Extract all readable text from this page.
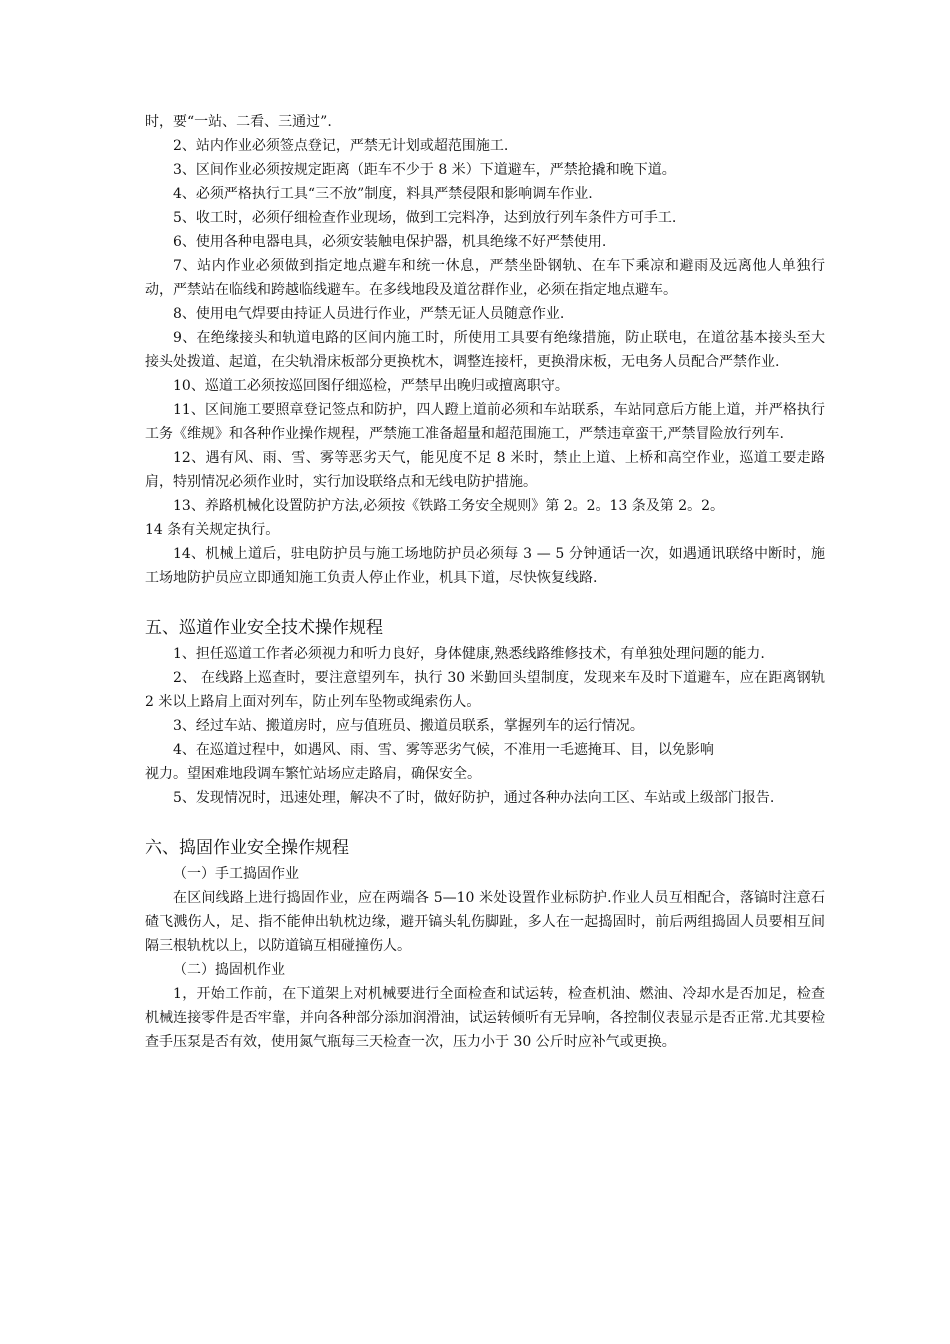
时，要“一站、二看、三通过”.

2、站内作业必须签点登记，严禁无计划或超范围施工.

3、区间作业必须按规定距离（距车不少于 8 米）下道避车，严禁抢撬和晚下道。

4、必须严格执行工具“三不放”制度，料具严禁侵限和影响调车作业.

5、收工时，必须仔细检查作业现场，做到工完料净，达到放行列车条件方可手工.

6、使用各种电器电具，必须安装触电保护器，机具绝缘不好严禁使用.

7、站内作业必须做到指定地点避车和统一休息，严禁坐卧钢轨、在车下乘凉和避雨及远离他人单独行动，严禁站在临线和跨越临线避车。在多线地段及道岔群作业，必须在指定地点避车。

8、使用电气焊要由持证人员进行作业，严禁无证人员随意作业.

9、在绝缘接头和轨道电路的区间内施工时，所使用工具要有绝缘措施，防止联电，在道岔基本接头至大接头处拨道、起道，在尖轨滑床板部分更换枕木，调整连接杆，更换滑床板，无电务人员配合严禁作业.

10、巡道工必须按巡回图仔细巡检，严禁早出晚归或擅离职守。

11、区间施工要照章登记签点和防护，四人蹬上道前必须和车站联系，车站同意后方能上道，并严格执行工务《维规》和各种作业操作规程，严禁施工准备超量和超范围施工，严禁违章蛮干,严禁冒险放行列车.

12、遇有风、雨、雪、雾等恶劣天气，能见度不足 8 米时，禁止上道、上桥和高空作业，巡道工要走路肩，特别情况必须作业时，实行加设联络点和无线电防护措施。

13、养路机械化设置防护方法,必须按《铁路工务安全规则》第 2。2。13 条及第 2。2。

14 条有关规定执行。

14、机械上道后，驻电防护员与施工场地防护员必须每 3 — 5 分钟通话一次，如遇通讯联络中断时，施工场地防护员应立即通知施工负责人停止作业，机具下道，尽快恢复线路.

五、巡道作业安全技术操作规程

1、担任巡道工作者必须视力和听力良好，身体健康,熟悉线路维修技术，有单独处理问题的能力.

2、 在线路上巡查时，要注意望列车，执行 30 米勤回头望制度，发现来车及时下道避车，应在距离钢轨 2 米以上路肩上面对列车，防止列车坠物或绳索伤人。

3、经过车站、搬道房时，应与值班员、搬道员联系，掌握列车的运行情况。

4、在巡道过程中，如遇风、雨、雪、雾等恶劣气候，不准用一毛遮掩耳、目，以免影响

视力。望困难地段调车繁忙站场应走路肩，确保安全。

5、发现情况时，迅速处理，解决不了时，做好防护，通过各种办法向工区、车站或上级部门报告.

六、捣固作业安全操作规程

（一）手工捣固作业

在区间线路上进行捣固作业，应在两端各 5—10 米处设置作业标防护.作业人员互相配合，落镐时注意石碴飞溅伤人，足、指不能伸出轨枕边缘，避开镐头轧伤脚趾，多人在一起捣固时，前后两组捣固人员要相互间隔三根轨枕以上，以防道镐互相碰撞伤人。

（二）捣固机作业

1，开始工作前，在下道架上对机械要进行全面检查和试运转，检查机油、燃油、冷却水是否加足，检查机械连接零件是否牢靠，并向各种部分添加润滑油，试运转倾听有无异响，各控制仪表显示是否正常.尤其要检查手压泵是否有效，使用氮气瓶每三天检查一次，压力小于 30 公斤时应补气或更换。
